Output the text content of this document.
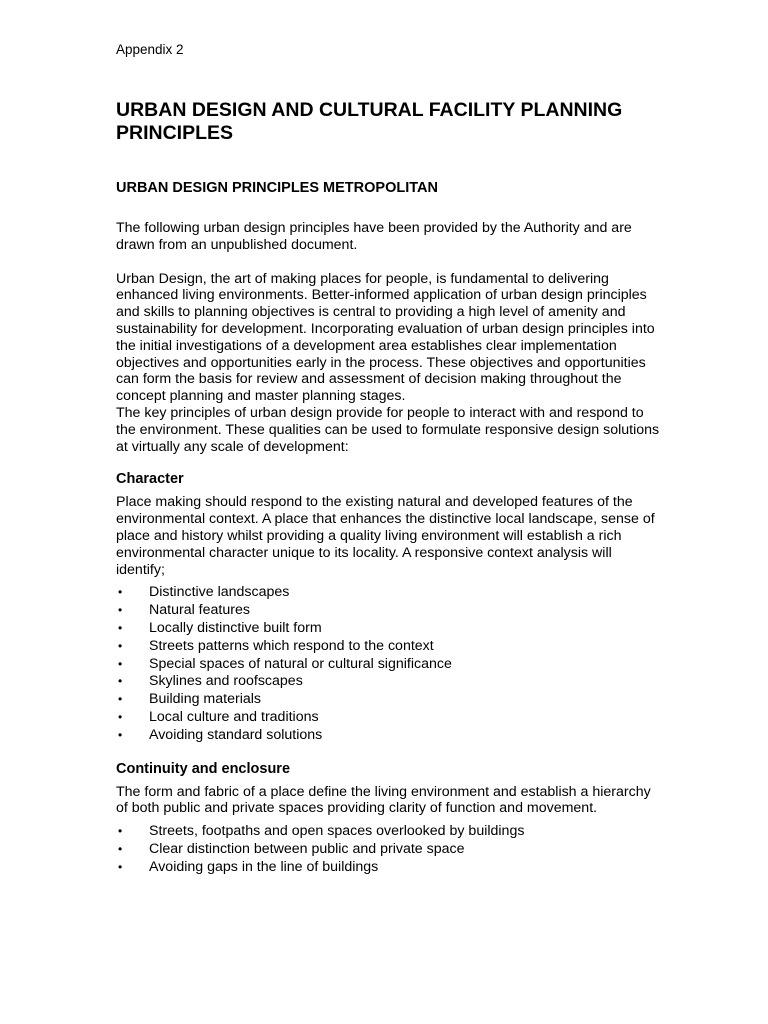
Appendix 2

URBAN DESIGN AND CULTURAL FACILITY PLANNING PRINCIPLES
URBAN DESIGN PRINCIPLES METROPOLITAN

The following urban design principles have been provided by the Authority and are drawn from an unpublished document.

Urban Design, the art of making places for people, is fundamental to delivering enhanced living environments. Better-informed application of urban design principles and skills to planning objectives is central to providing a high level of amenity and sustainability for development. Incorporating evaluation of urban design principles into the initial investigations of a development area establishes clear implementation objectives and opportunities early in the process. These objectives and opportunities can form the basis for review and assessment of decision making throughout the concept planning and master planning stages.

The key principles of urban design provide for people to interact with and respond to the environment. These qualities can be used to formulate responsive design solutions at virtually any scale of development:

Character

Place making should respond to the existing natural and developed features of the environmental context. A place that enhances the distinctive local landscape, sense of place and history whilst providing a quality living environment will establish a rich environmental character unique to its locality. A responsive context analysis will identify;

• Distinctive landscapes
• Natural features
• Locally distinctive built form
• Streets patterns which respond to the context
• Special spaces of natural or cultural significance
• Skylines and roofscapes
• Building materials
• Local culture and traditions
• Avoiding standard solutions
Continuity and enclosure

The form and fabric of a place define the living environment and establish a hierarchy of both public and private spaces providing clarity of function and movement.

• Streets, footpaths and open spaces overlooked by buildings
• Clear distinction between public and private space
• Avoiding gaps in the line of buildings
